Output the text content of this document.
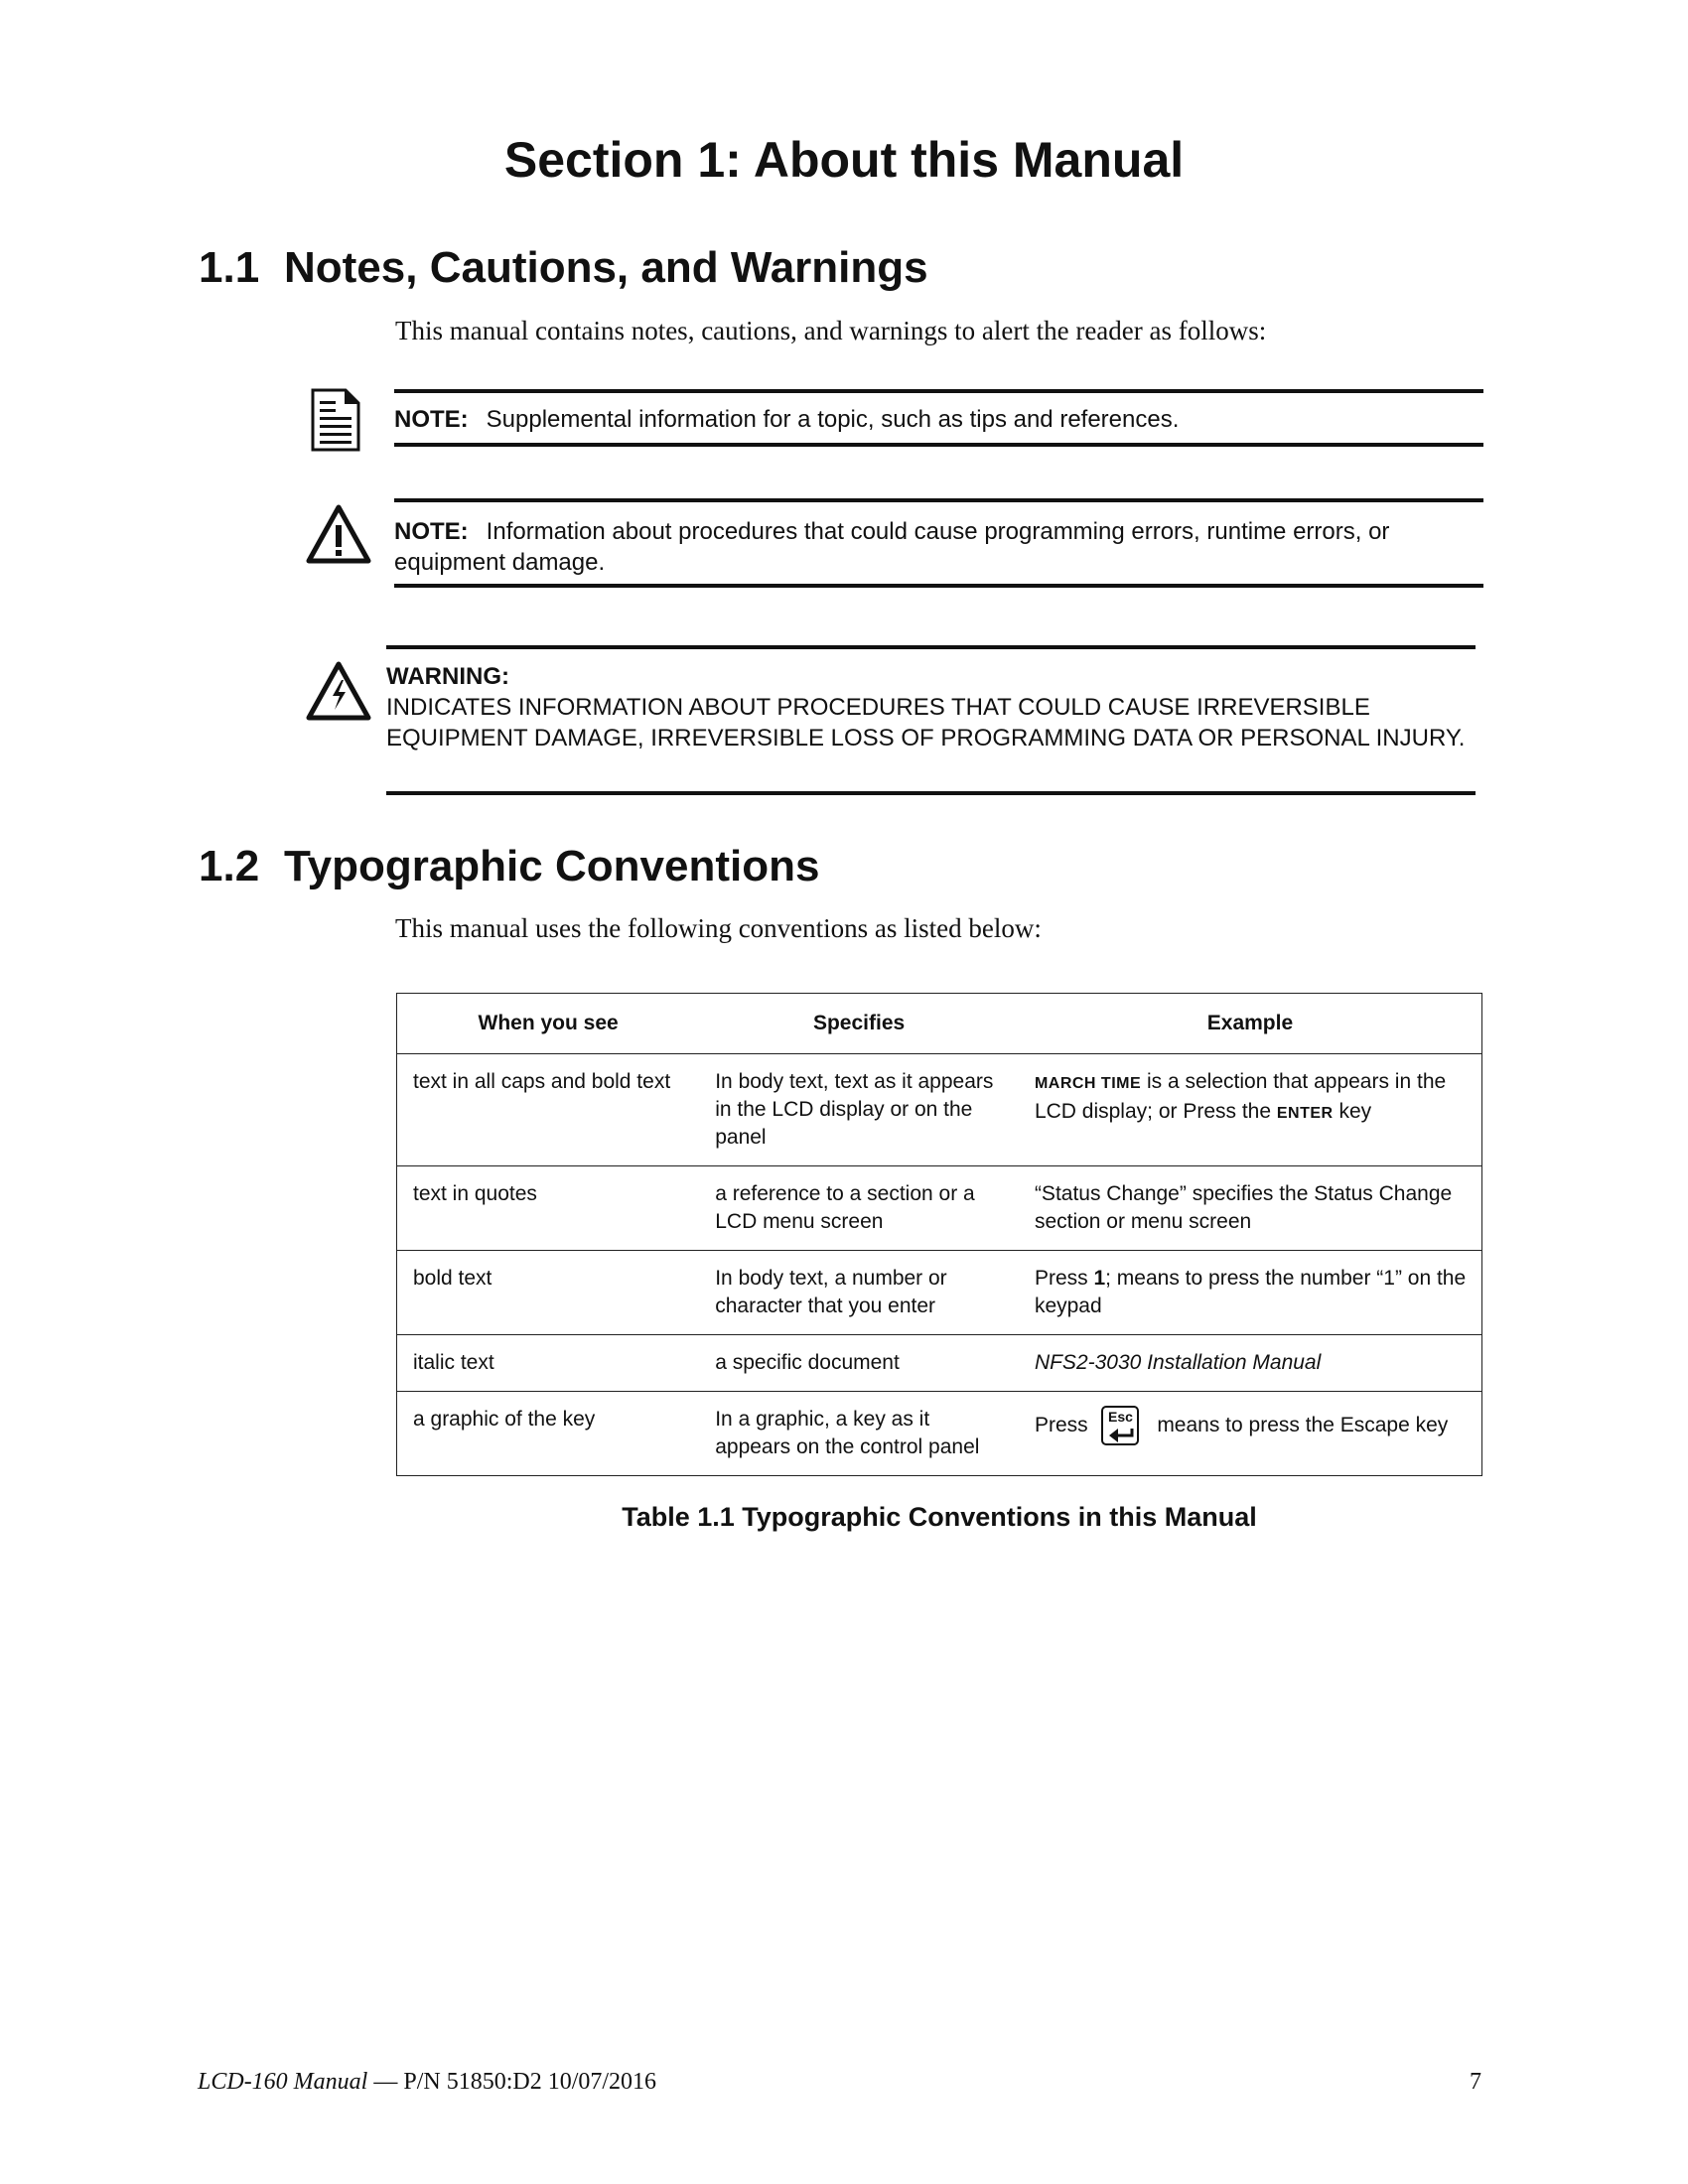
Section 1: About this Manual
1.1 Notes, Cautions, and Warnings

This manual contains notes, cautions, and warnings to alert the reader as follows:

NOTE: Supplemental information for a topic, such as tips and references.
NOTE: Information about procedures that could cause programming errors, runtime errors, or equipment damage.
WARNING:
INDICATES INFORMATION ABOUT PROCEDURES THAT COULD CAUSE IRREVERSIBLE EQUIPMENT DAMAGE, IRREVERSIBLE LOSS OF PROGRAMMING DATA OR PERSONAL INJURY.
1.2 Typographic Conventions

This manual uses the following conventions as listed below:

When you see	Specifies	Example
text in all caps and bold text	In body text, text as it appears in the LCD display or on the panel	MARCH TIME is a selection that appears in the LCD display; or Press the ENTER key
text in quotes	a reference to a section or a LCD menu screen	“Status Change” specifies the Status Change section or menu screen
bold text	In body text, a number or character that you enter	Press 1; means to press the number “1” on the keypad
italic text	a specific document	NFS2-3030 Installation Manual
a graphic of the key	In a graphic, a key as it appears on the control panel	Press Esc means to press the Escape key

Table 1.1 Typographic Conventions in this Manual

LCD-160 Manual — P/N 51850:D2 10/07/2016	7
